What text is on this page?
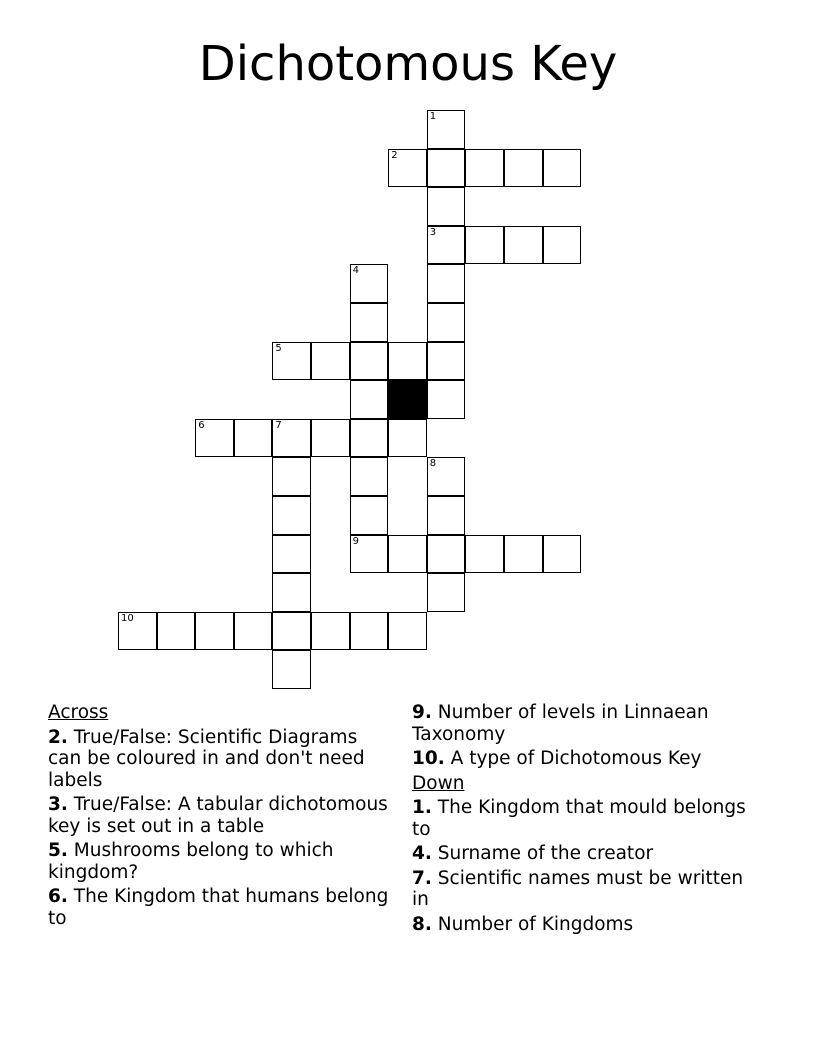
Dichotomous Key
1
3
2
4
9
5
6	7
8
10
Across
2. True/False: Scientific Diagrams can be coloured in and don't need labels
3. True/False: A tabular dichotomous key is set out in a table
5. Mushrooms belong to which kingdom?
6. The Kingdom that humans belong to
9. Number of levels in Linnaean Taxonomy
10. A type of Dichotomous Key
Down
1. The Kingdom that mould belongs to
4. Surname of the creator
7. Scientific names must be written in
8. Number of Kingdoms
